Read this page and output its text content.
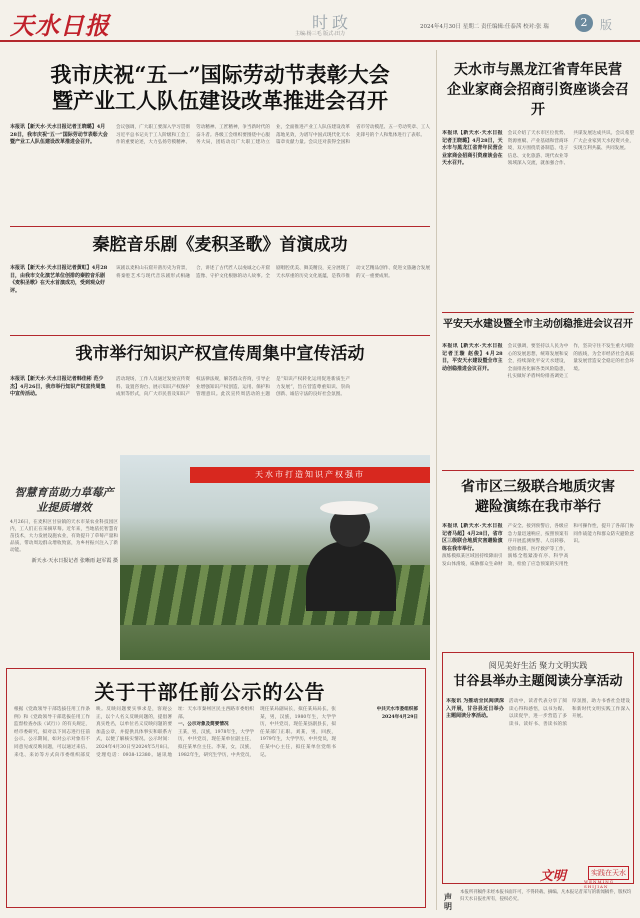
天水日报	时政
主编:杨三毛 版式:田力
2024年4月30日 星期二 责任编辑:任泰茜 校对:张 瑞	2	版
我市庆祝“五一”国际劳动节表彰大会
暨产业工人队伍建设改革推进会召开
本报讯【新天水·天水日报记者王晓璐】4月28日，我市庆祝“五一”国际劳动节表彰大会暨产业工人队伍建设改革推进会召开。
会议强调，广大职工要深入学习贯彻习近平总书记关于工人阶级和工会工作的重要论述，大力弘扬劳模精神、劳动精神、工匠精神，争当新时代的奋斗者。各级工会组织要围绕中心服务大局，团结动员广大职工建功立业，全面推进产业工人队伍建设改革落地见效，为谱写中国式现代化天水篇章贡献力量。会议还对获得全国和省市劳动模范、五一劳动奖章、工人先锋号的个人和集体进行了表彰。
秦腔音乐剧《麦积圣歌》首演成功
本报讯【新天水·天水日报记者黄虹】4月28日，由我市文化演艺单位创排的秦腔音乐剧《麦积圣歌》在天水首演成功，受到观众好评。
该剧以麦积山石窟开凿历史为背景，将秦腔艺术与现代音乐剧形式相融合，讲述了古代匠人以虔诚之心开窟造像、守护文化根脉的动人故事。全剧唱腔优美、舞美精良，充分展现了天水厚重的历史文化底蕴，是我市推动文艺精品创作、促进文旅融合发展的又一重要成果。
我市举行知识产权宣传周集中宣传活动
本报讯【新天水·天水日报记者韩佳彬 范少杰】4月26日，我市举行知识产权宣传周集中宣传活动。
活动现场，工作人员通过发放宣传资料、设置咨询台、展示知识产权保护成果等形式，向广大市民普及知识产权法律法规，解答群众咨询，引导企业增强知识产权创造、运用、保护和管理意识。此次宣传周活动的主题是“知识产权转化运用促进新质生产力发展”，旨在营造尊重知识、崇尚创新、诚信守法的良好社会氛围。
天水市打造知识产权强市
智慧育苗助力草莓产业提质增效
4月26日，在麦积区甘泉镇的天水市某农业科技园区内，工人们正在采摘草莓。近年来，当地依托智慧育苗技术，大力发展设施农业，有效提升了草莓产量和品质，带动周边群众增收致富，为乡村振兴注入了新动能。
新天水·天水日报记者 张晰雨 赵军霞 摄
关于干部任前公示的公告
根据《党政领导干部选拔任用工作条例》和《党政领导干部选拔任用工作监督检查办法（试行）》的有关规定，经市委研究，拟对以下同志进行任前公示。公示期间，如对公示对象有不同意见或反映问题，可以通过来信、来电、来访等方式向市委组织部反映。反映问题要实事求是，客观公正，以个人名义反映问题的，提倡署真实姓名，以单位名义反映问题的要加盖公章，并提供具体事实和联系方式，以便了解核实情况。公示时间：2024年4月30日至2024年5月8日。受理电话：0938-12380。通讯地址：天水市秦州区民主西路市委组织部。
一、公示对象及简要情况
王某，男，汉族，1978年生，大学学历，中共党员，现任某单位副主任，拟任某单位主任。李某，女，汉族，1982年生，研究生学历，中共党员，现任某局副局长，拟任某局局长。张某，男，汉族，1980年生，大学学历，中共党员，现任某县副县长，拟任某部门正职。刘某，男，回族，1979年生，大学学历，中共党员，现任某中心主任，拟任某单位党组书记。
中共天水市委组织部
2024年4月29日
天水市与黑龙江省青年民营
企业家商会招商引资座谈会召开
本报讯【新天水·天水日报记者王晓璐】4月28日，天水市与黑龙江省青年民营企业家商会招商引资座谈会在天水召开。
会议介绍了天水市区位优势、资源禀赋、产业基础和营商环境，双方围绕装备制造、电子信息、文化旅游、现代农业等领域深入交流，就加强合作、共谋发展达成共识。会议希望广大企业家到天水投资兴业，实现互利共赢、共同发展。
平安天水建设暨全市主动创稳推进会议召开
本报讯【新天水·天水日报记者王璇 赵俊】4月28日，平安天水建设暨全市主动创稳推进会议召开。
会议强调，要坚持以人民为中心的发展思想，统筹发展和安全，持续深化平安天水建设，全面排查化解各类风险隐患，扎实做好矛盾纠纷排查调处工作，坚决守住不发生重大风险的底线，为全市经济社会高质量发展营造安全稳定的社会环境。
省市区三级联合地质灾害
避险演练在我市举行
本报讯【新天水·天水日报记者马超】4月28日，省市区三级联合地质灾害避险演练在我市举行。
演练模拟某区域因持续降雨引发山体滑坡，威胁群众生命财产安全。接到预警后，各级应急力量迅速响应，按照预案有序开展监测预警、人员转移、抢险救援、医疗救护等工作，演练全程紧凑有序、科学高效，检验了应急预案的实用性和可操作性，提升了各部门协同作战能力和群众防灾避险意识。
阅见美好生活 聚力文明实践
甘谷县举办主题阅读分享活动
本报讯 为推动全民阅读深入开展，甘谷县近日举办主题阅读分享活动。
活动中，读者代表分享了阅读心得和感悟，以书为媒、以读促学，进一步营造了多读书、读好书、善读书的浓厚氛围，助力书香社会建设和新时代文明实践工作深入开展。
文明	实践在天水
WENMING SHIJIAN
声明
本报所刊稿件未经本报书面许可，不得转载、摘编。凡本报记者采写的新闻稿件，版权均归天水日报社所有，侵权必究。
